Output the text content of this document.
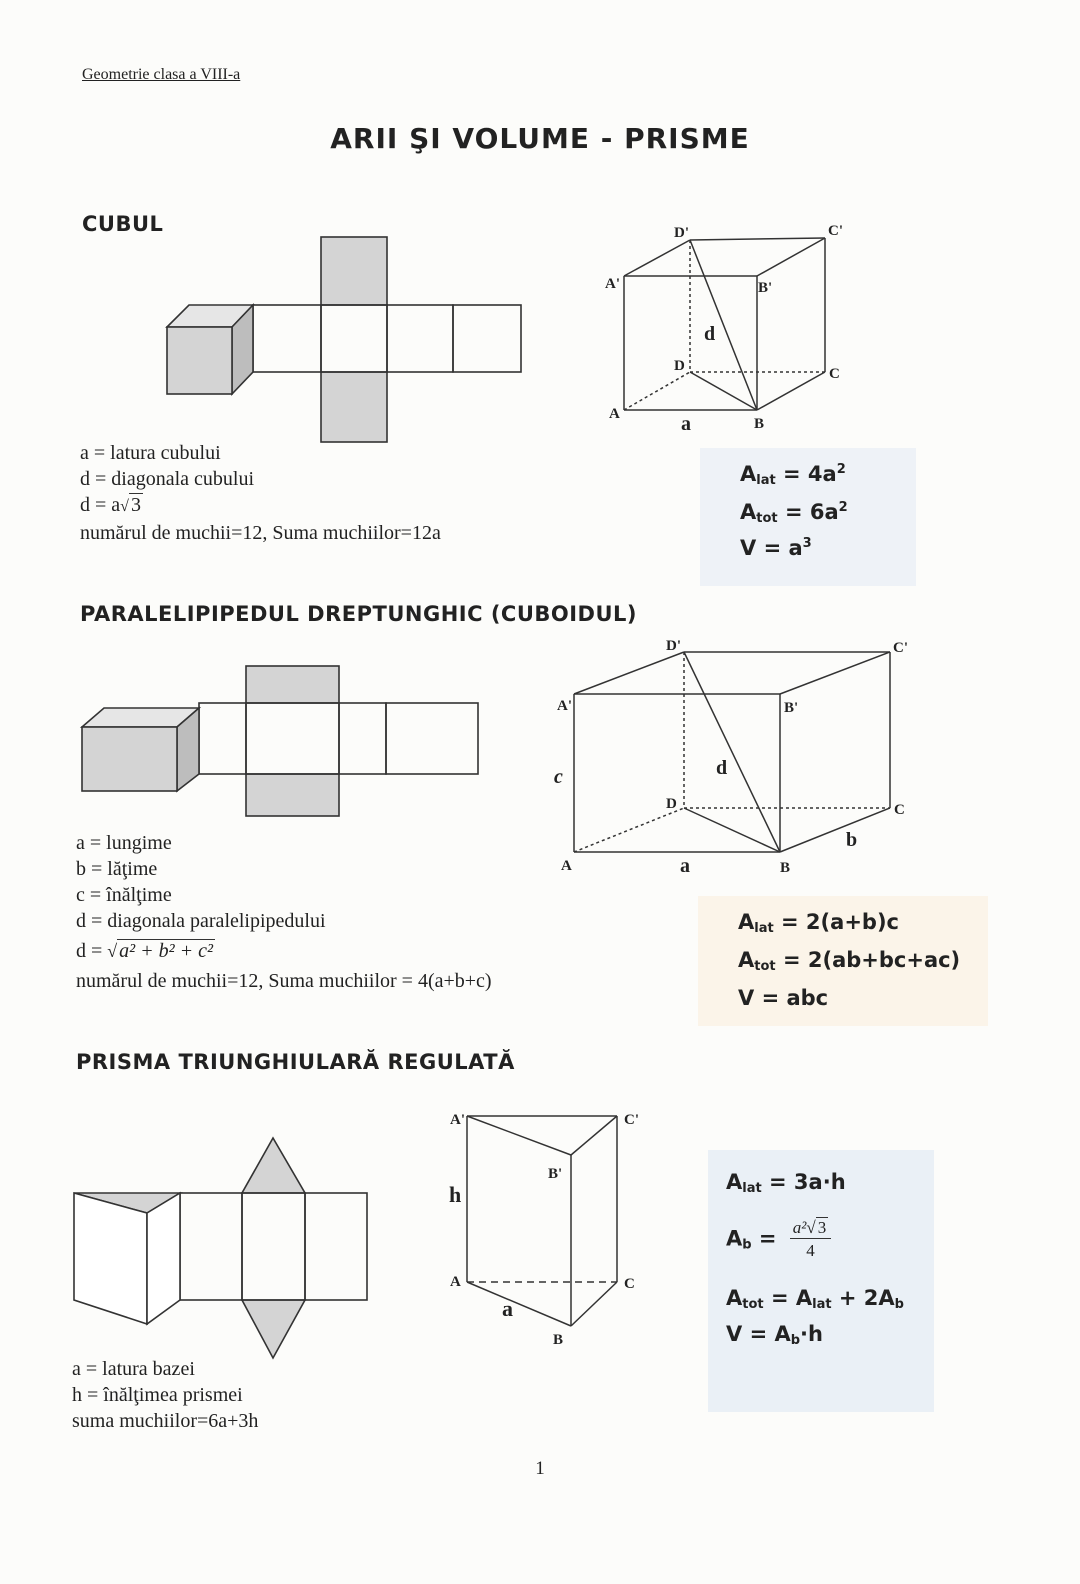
Geometrie clasa a VIII-a
ARII ŞI VOLUME - PRISME
CUBUL
A
B
C
D
A'	B'
C'
D'
a
d
a = latura cubului
d = diagonala cubului
d = a√ 3
numărul de muchii=12, Suma muchiilor=12a
$A_{lat} = 4a^2$
$A_{tot} = 6a^2$
$V = a^3$
PARALELIPIPEDUL DREPTUNGHIC (CUBOIDUL)
A	B
C
D
A'	B'
C'
D'
a
b
c	d
a = lungime
b = lăţime
c = înălţime
d = diagonala paralelipipedului
d = √ a² + b² + c²
numărul de muchii=12, Suma muchiilor = 4(a+b+c)
$A_{lat} = 2(a+b)c$
$A_{tot} = 2(ab+bc+ac)$
V = abc
PRISMA TRIUNGHIULARĂ REGULATĂ
A
B
C
A'
B'
C'
a
h
a = latura bazei
h = înălţimea prismei
suma muchiilor=6a+3h
$A_{lat} = 3a\cdot h$
$A_b = \frac{\text{a²√ 3}}{4}$
$A_{tot} = A_{lat} + 2A_b$
$V = A_b\cdot h$
1
